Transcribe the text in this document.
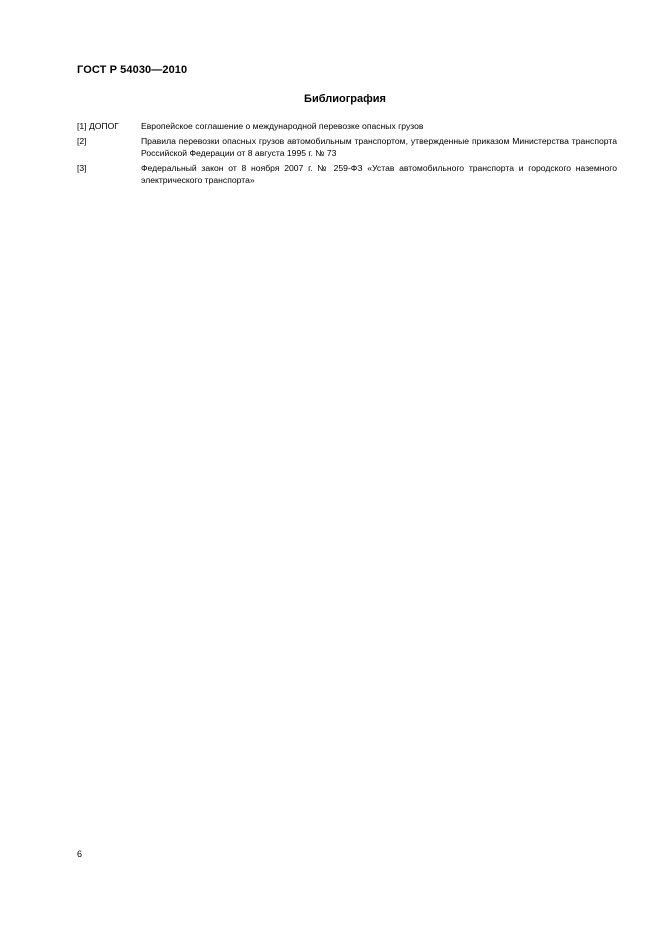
ГОСТ Р 54030—2010
Библиография
[1] ДОПОГ	Европейское соглашение о международной перевозке опасных грузов
[2]	Правила перевозки опасных грузов автомобильным транспортом, утвержденные приказом Министерства транспорта Российской Федерации от 8 августа 1995 г. № 73
[3]	Федеральный закон от 8 ноября 2007 г. № 259-ФЗ «Устав автомобильного транспорта и городского наземного электрического транспорта»
6
